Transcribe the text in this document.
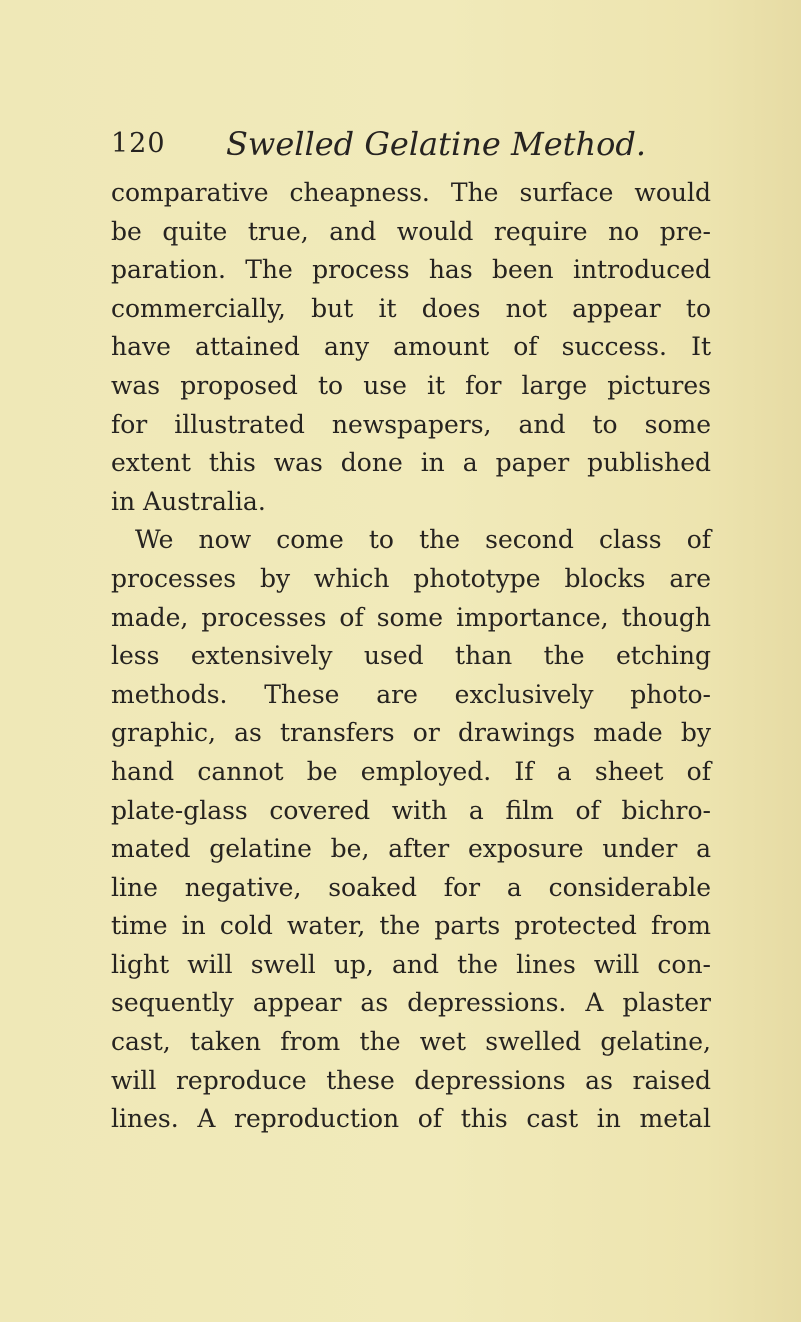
120 Swelled Gelatine Method.
comparative cheapness. The surface would
be quite true, and would require no pre-
paration. The process has been introduced
commercially, but it does not appear to
have attained any amount of success. It
was proposed to use it for large pictures
for illustrated newspapers, and to some
extent this was done in a paper published
in Australia.
We now come to the second class of
processes by which phototype blocks are
made, processes of some importance, though
less extensively used than the etching
methods. These are exclusively photo-
graphic, as transfers or drawings made by
hand cannot be employed. If a sheet of
plate-glass covered with a film of bichro-
mated gelatine be, after exposure under a
line negative, soaked for a considerable
time in cold water, the parts protected from
light will swell up, and the lines will con-
sequently appear as depressions. A plaster
cast, taken from the wet swelled gelatine,
will reproduce these depressions as raised
lines. A reproduction of this cast in metal
